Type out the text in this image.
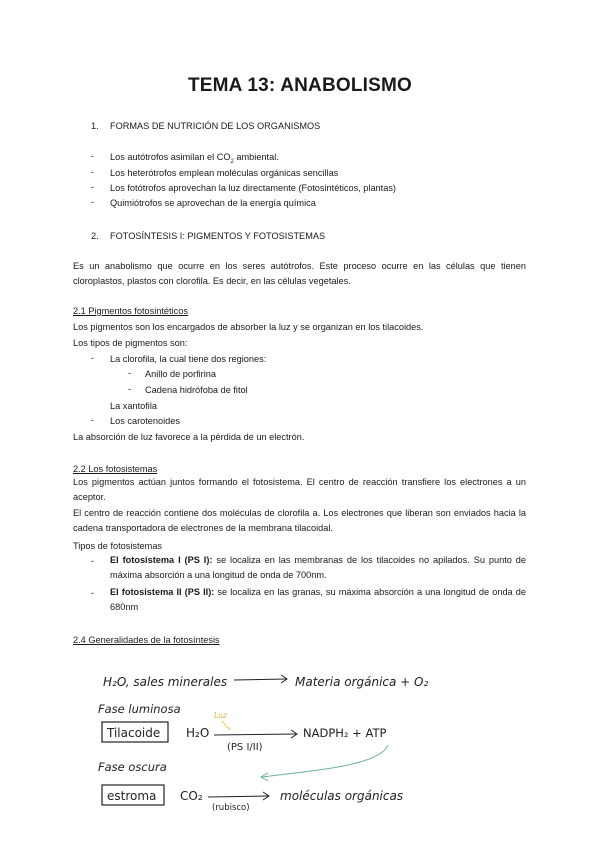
TEMA 13: ANABOLISMO
1. FORMAS DE NUTRICIÓN DE LOS ORGANISMOS
- Los autótrofos asimilan el $CO_2$ ambiental.
- Los heterótrofos emplean moléculas orgánicas sencillas
- Los fotótrofos aprovechan la luz directamente (Fotosintéticos, plantas)
- Quimiótrofos se aprovechan de la energía química
2. FOTOSÍNTESIS I: PIGMENTOS Y FOTOSISTEMAS
Es un anabolismo que ocurre en los seres autótrofos. Este proceso ocurre en las células que tienen cloroplastos, plastos con clorofila. Es decir, en las células vegetales.
2.1 Pigmentos fotosintéticos
Los pigmentos son los encargados de absorber la luz y se organizan en los tilacoides.
Los tipos de pigmentos son:
- La clorofila, la cual tiene dos regiones:
- Anillo de porfirina
- Cadena hidrófoba de fitol
La xantofila
- Los carotenoides
La absorción de luz favorece a la pérdida de un electrón.
2.2 Los fotosistemas
Los pigmentos actúan juntos formando el fotosistema. El centro de reacción transfiere los electrones a un aceptor.
El centro de reacción contiene dos moléculas de clorofila a. Los electrones que liberan son enviados hacia la cadena transportadora de electrones de la membrana tilacoidal.
Tipos de fotosistemas
- El fotosistema I (PS I): se localiza en las membranas de los tilacoides no apilados. Su punto de máxima absorción a una longitud de onda de 700nm.
- El fotosistema II (PS II): se localiza en las granas, su máxima absorción a una longitud de onda de 680nm
2.4 Generalidades de la fotosíntesis
H₂O, sales minerales	Materia orgánica + O₂
Fase luminosa
Tilacoide H₂O
Luz
(PS I/II)
NADPH₂ + ATP
Fase oscura
estroma CO₂
(rubisco)
moléculas orgánicas
